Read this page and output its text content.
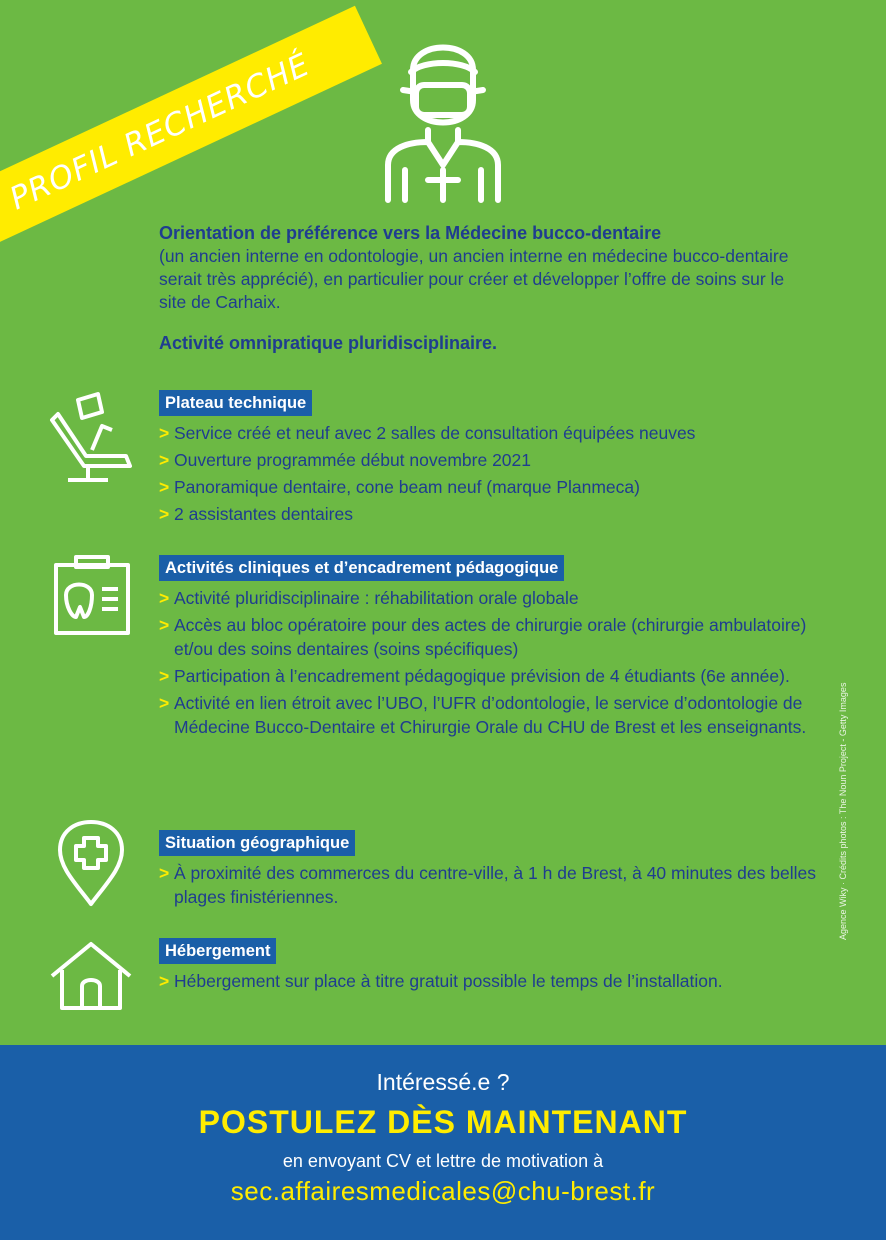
PROFIL RECHERCHÉ
Orientation de préférence vers la Médecine bucco-dentaire
(un ancien interne en odontologie, un ancien interne en médecine bucco-dentaire serait très apprécié), en particulier pour créer et développer l’offre de soins sur le site de Carhaix.
Activité omnipratique pluridisciplinaire.
Plateau technique
> Service créé et neuf avec 2 salles de consultation équipées neuves
> Ouverture programmée début novembre 2021
> Panoramique dentaire, cone beam neuf (marque Planmeca)
> 2 assistantes dentaires
Activités cliniques et d’encadrement pédagogique
> Activité pluridisciplinaire : réhabilitation orale globale
> Accès au bloc opératoire pour des actes de chirurgie orale (chirurgie ambulatoire) et/ou des soins dentaires (soins spécifiques)
> Participation à l’encadrement pédagogique prévision de 4 étudiants (6e année).
> Activité en lien étroit avec l’UBO, l’UFR d’odontologie, le service d’odontologie de Médecine Bucco-Dentaire et Chirurgie Orale du CHU de Brest et les enseignants.
Situation géographique
> À proximité des commerces du centre-ville, à 1 h de Brest, à 40 minutes des belles plages finistériennes.
Hébergement
> Hébergement sur place à titre gratuit possible le temps de l’installation.
Agence Wiky · Crédits photos : The Noun Project - Getty Images
Intéressé.e ?
POSTULEZ DÈS MAINTENANT
en envoyant CV et lettre de motivation à
sec.affairesmedicales@chu-brest.fr
